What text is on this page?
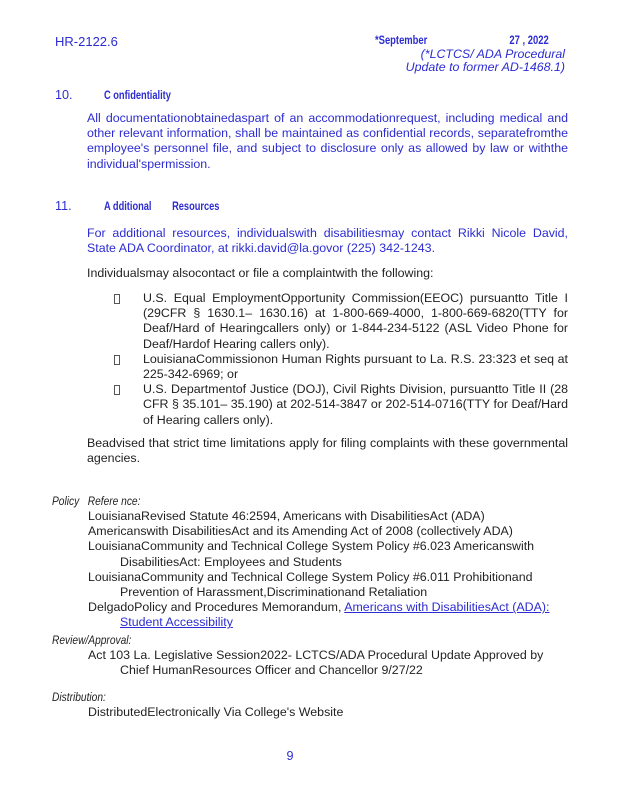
HR-2122.6	*September	27 , 2022
(*LCTCS/ ADA Procedural
Update to former AD-1468.1)
10.	C onfidentiality
All documentationobtainedaspart of an accommodationrequest, including medical and other relevant information, shall be maintained as confidential records, separatefromthe employee's personnel file, and subject to disclosure only as allowed by law or withthe individual'spermission.
11.	A dditional        Resources
For additional resources, individualswith disabilitiesmay contact Rikki Nicole David, State ADA Coordinator, at rikki.david@la.govor (225) 342-1243.
Individualsmay alsocontact or file a complaintwith the following:
U.S. Equal EmploymentOpportunity Commission(EEOC) pursuantto Title I (29CFR § 1630.1– 1630.16) at 1-800-669-4000, 1-800-669-6820(TTY for Deaf/Hard of Hearingcallers only) or 1-844-234-5122 (ASL Video Phone for Deaf/Hardof Hearing callers only).
LouisianaCommissionon Human Rights pursuant to La. R.S. 23:323 et seq at 225-342-6969; or
U.S. Departmentof Justice (DOJ), Civil Rights Division, pursuantto Title II (28 CFR § 35.101– 35.190) at 202-514-3847 or 202-514-0716(TTY for Deaf/Hard of Hearing callers only).
Beadvised that strict time limitations apply for filing complaints with these governmental agencies.
Policy   Refere nce:
LouisianaRevised Statute 46:2594, Americans with DisabilitiesAct (ADA)
Americanswith DisabilitiesAct and its Amending Act of 2008 (collectively ADA)
LouisianaCommunity and Technical College System Policy #6.023 Americanswith
DisabilitiesAct: Employees and Students
LouisianaCommunity and Technical College System Policy #6.011 Prohibitionand
Prevention of Harassment,Discriminationand Retaliation
DelgadoPolicy and Procedures Memorandum, Americans with DisabilitiesAct (ADA):
Student Accessibility
Review/Approval:
Act 103 La. Legislative Session2022- LCTCS/ADA Procedural Update Approved by
Chief HumanResources Officer and Chancellor 9/27/22
Distribution:
DistributedElectronically Via College's Website
9
